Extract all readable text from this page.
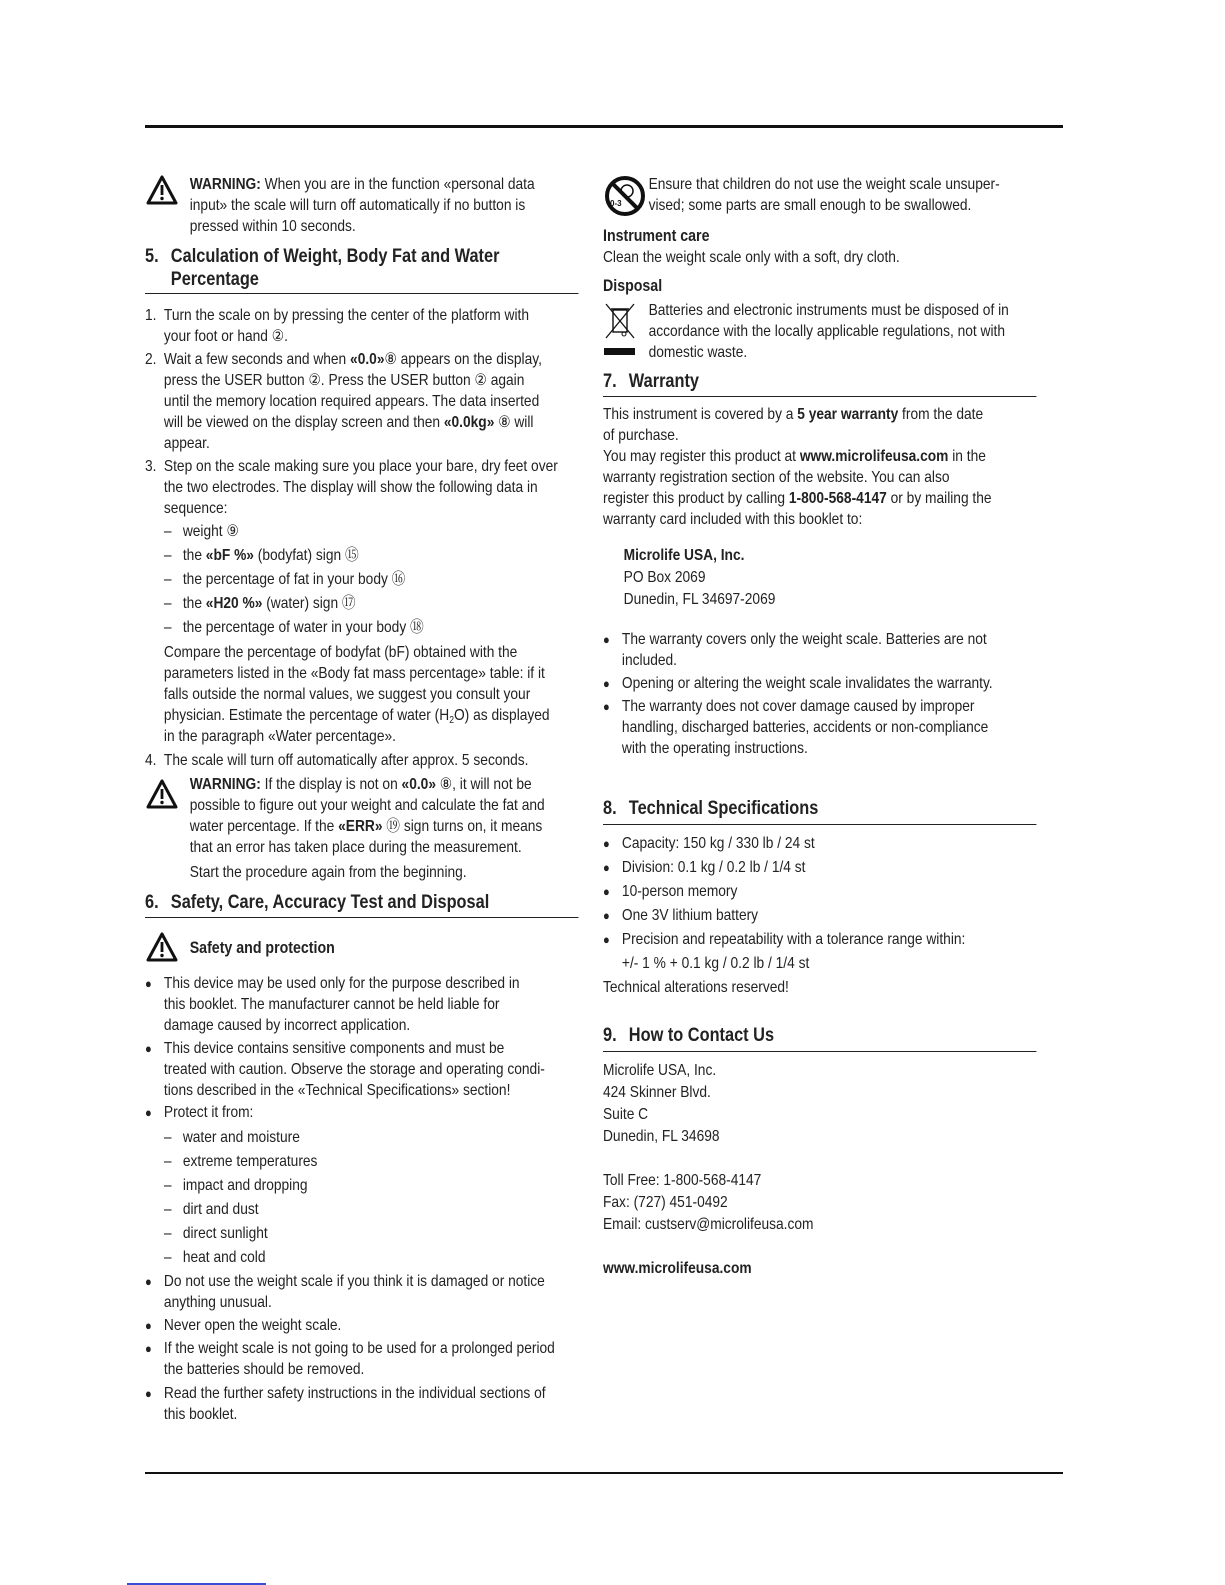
0-3
WARNING: When you are in the function «personal data
input» the scale will turn off automatically if no button is
pressed within 10 seconds.
5. Calculation of Weight, Body Fat and Water
Percentage
1. Turn the scale on by pressing the center of the platform with
your foot or hand ②.
2. Wait a few seconds and when «0.0»⑧ appears on the display,
press the USER button ②. Press the USER button ② again
until the memory location required appears. The data inserted
will be viewed on the display screen and then «0.0kg» ⑧ will
appear.
3. Step on the scale making sure you place your bare, dry feet over
the two electrodes. The display will show the following data in
sequence:
– weight ⑨
– the «bF %» (bodyfat) sign ⑮
– the percentage of fat in your body ⑯
– the «H20 %» (water) sign ⑰
– the percentage of water in your body ⑱
Compare the percentage of bodyfat (bF) obtained with the
parameters listed in the «Body fat mass percentage» table: if it
falls outside the normal values, we suggest you consult your
physician. Estimate the percentage of water $(H_2O)$ as displayed
in the paragraph «Water percentage».
4. The scale will turn off automatically after approx. 5 seconds.
WARNING: If the display is not on «0.0» ⑧, it will not be
possible to figure out your weight and calculate the fat and
water percentage. If the «ERR» ⑲ sign turns on, it means
that an error has taken place during the measurement.
Start the procedure again from the beginning.
6. Safety, Care, Accuracy Test and Disposal
Safety and protection
● This device may be used only for the purpose described in
this booklet. The manufacturer cannot be held liable for
damage caused by incorrect application.
● This device contains sensitive components and must be
treated with caution. Observe the storage and operating condi-
tions described in the «Technical Specifications» section!
● Protect it from:
– water and moisture
– extreme temperatures
– impact and dropping
– dirt and dust
– direct sunlight
– heat and cold
● Do not use the weight scale if you think it is damaged or notice
anything unusual.
● Never open the weight scale.
● If the weight scale is not going to be used for a prolonged period
the batteries should be removed.
● Read the further safety instructions in the individual sections of
this booklet.
Ensure that children do not use the weight scale unsuper-
vised; some parts are small enough to be swallowed.
Instrument care
Clean the weight scale only with a soft, dry cloth.
Disposal
Batteries and electronic instruments must be disposed of in
accordance with the locally applicable regulations, not with
domestic waste.
7. Warranty
This instrument is covered by a 5 year warranty from the date
of purchase.
You may register this product at www.microlifeusa.com in the
warranty registration section of the website. You can also
register this product by calling 1-800-568-4147 or by mailing the
warranty card included with this booklet to:
Microlife USA, Inc.
PO Box 2069
Dunedin, FL 34697-2069
● The warranty covers only the weight scale. Batteries are not
included.
● Opening or altering the weight scale invalidates the warranty.
● The warranty does not cover damage caused by improper
handling, discharged batteries, accidents or non-compliance
with the operating instructions.
8. Technical Specifications
● Capacity: 150 kg / 330 lb / 24 st
● Division: 0.1 kg / 0.2 lb / 1/4 st
● 10-person memory
● One 3V lithium battery
● Precision and repeatability with a tolerance range within:
+/- 1 % + 0.1 kg / 0.2 lb / 1/4 st
Technical alterations reserved!
9. How to Contact Us
Microlife USA, Inc.
424 Skinner Blvd.
Suite C
Dunedin, FL 34698
Toll Free: 1-800-568-4147
Fax: (727) 451-0492
Email: custserv@microlifeusa.com
www.microlifeusa.com
